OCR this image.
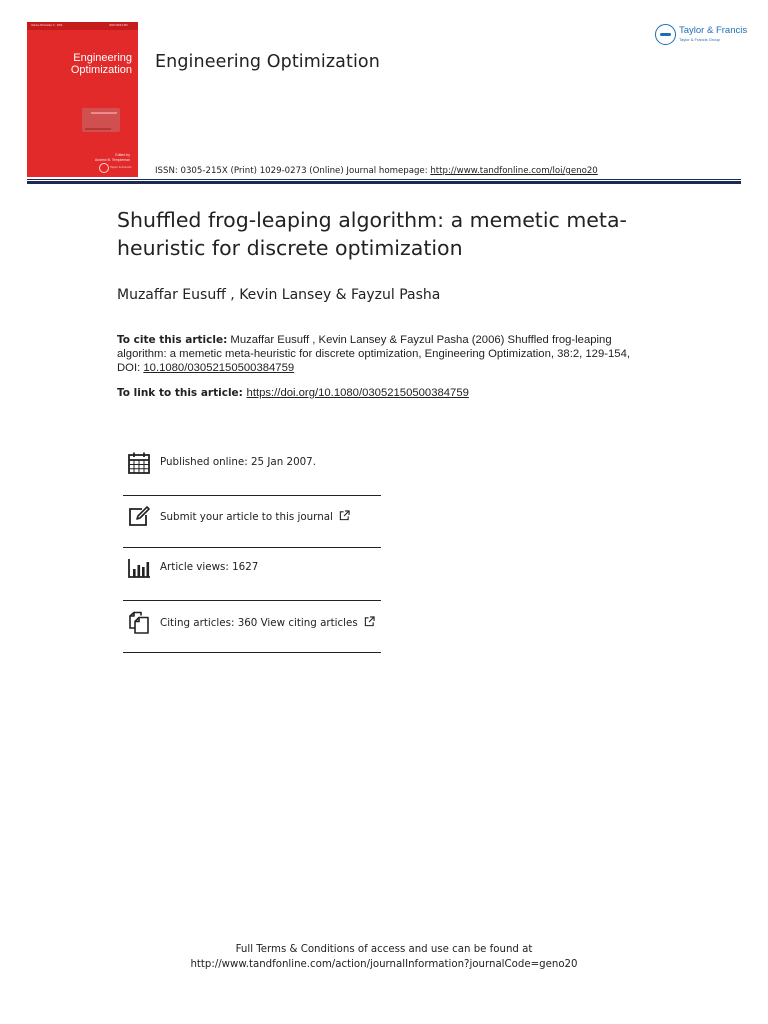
Volume 00 Number 0 · 2000	ISSN 0305-215X
Engineering
Optimization
Edited by
Andrew B. Templeman
Taylor & Francis
Engineering Optimization
Taylor & Francis
Taylor & Francis Group
ISSN: 0305-215X (Print) 1029-0273 (Online) Journal homepage: http://www.tandfonline.com/loi/geno20
Shuffled frog-leaping algorithm: a memetic meta-heuristic for discrete optimization
Muzaffar Eusuff , Kevin Lansey & Fayzul Pasha
To cite this article: Muzaffar Eusuff , Kevin Lansey & Fayzul Pasha (2006) Shuffled frog-leaping algorithm: a memetic meta-heuristic for discrete optimization, Engineering Optimization, 38:2, 129-154, DOI: 10.1080/03052150500384759
To link to this article: https://doi.org/10.1080/03052150500384759
Published online: 25 Jan 2007.
Submit your article to this journal
Article views: 1627
Citing articles: 360 View citing articles
Full Terms & Conditions of access and use can be found at
http://www.tandfonline.com/action/journalInformation?journalCode=geno20
